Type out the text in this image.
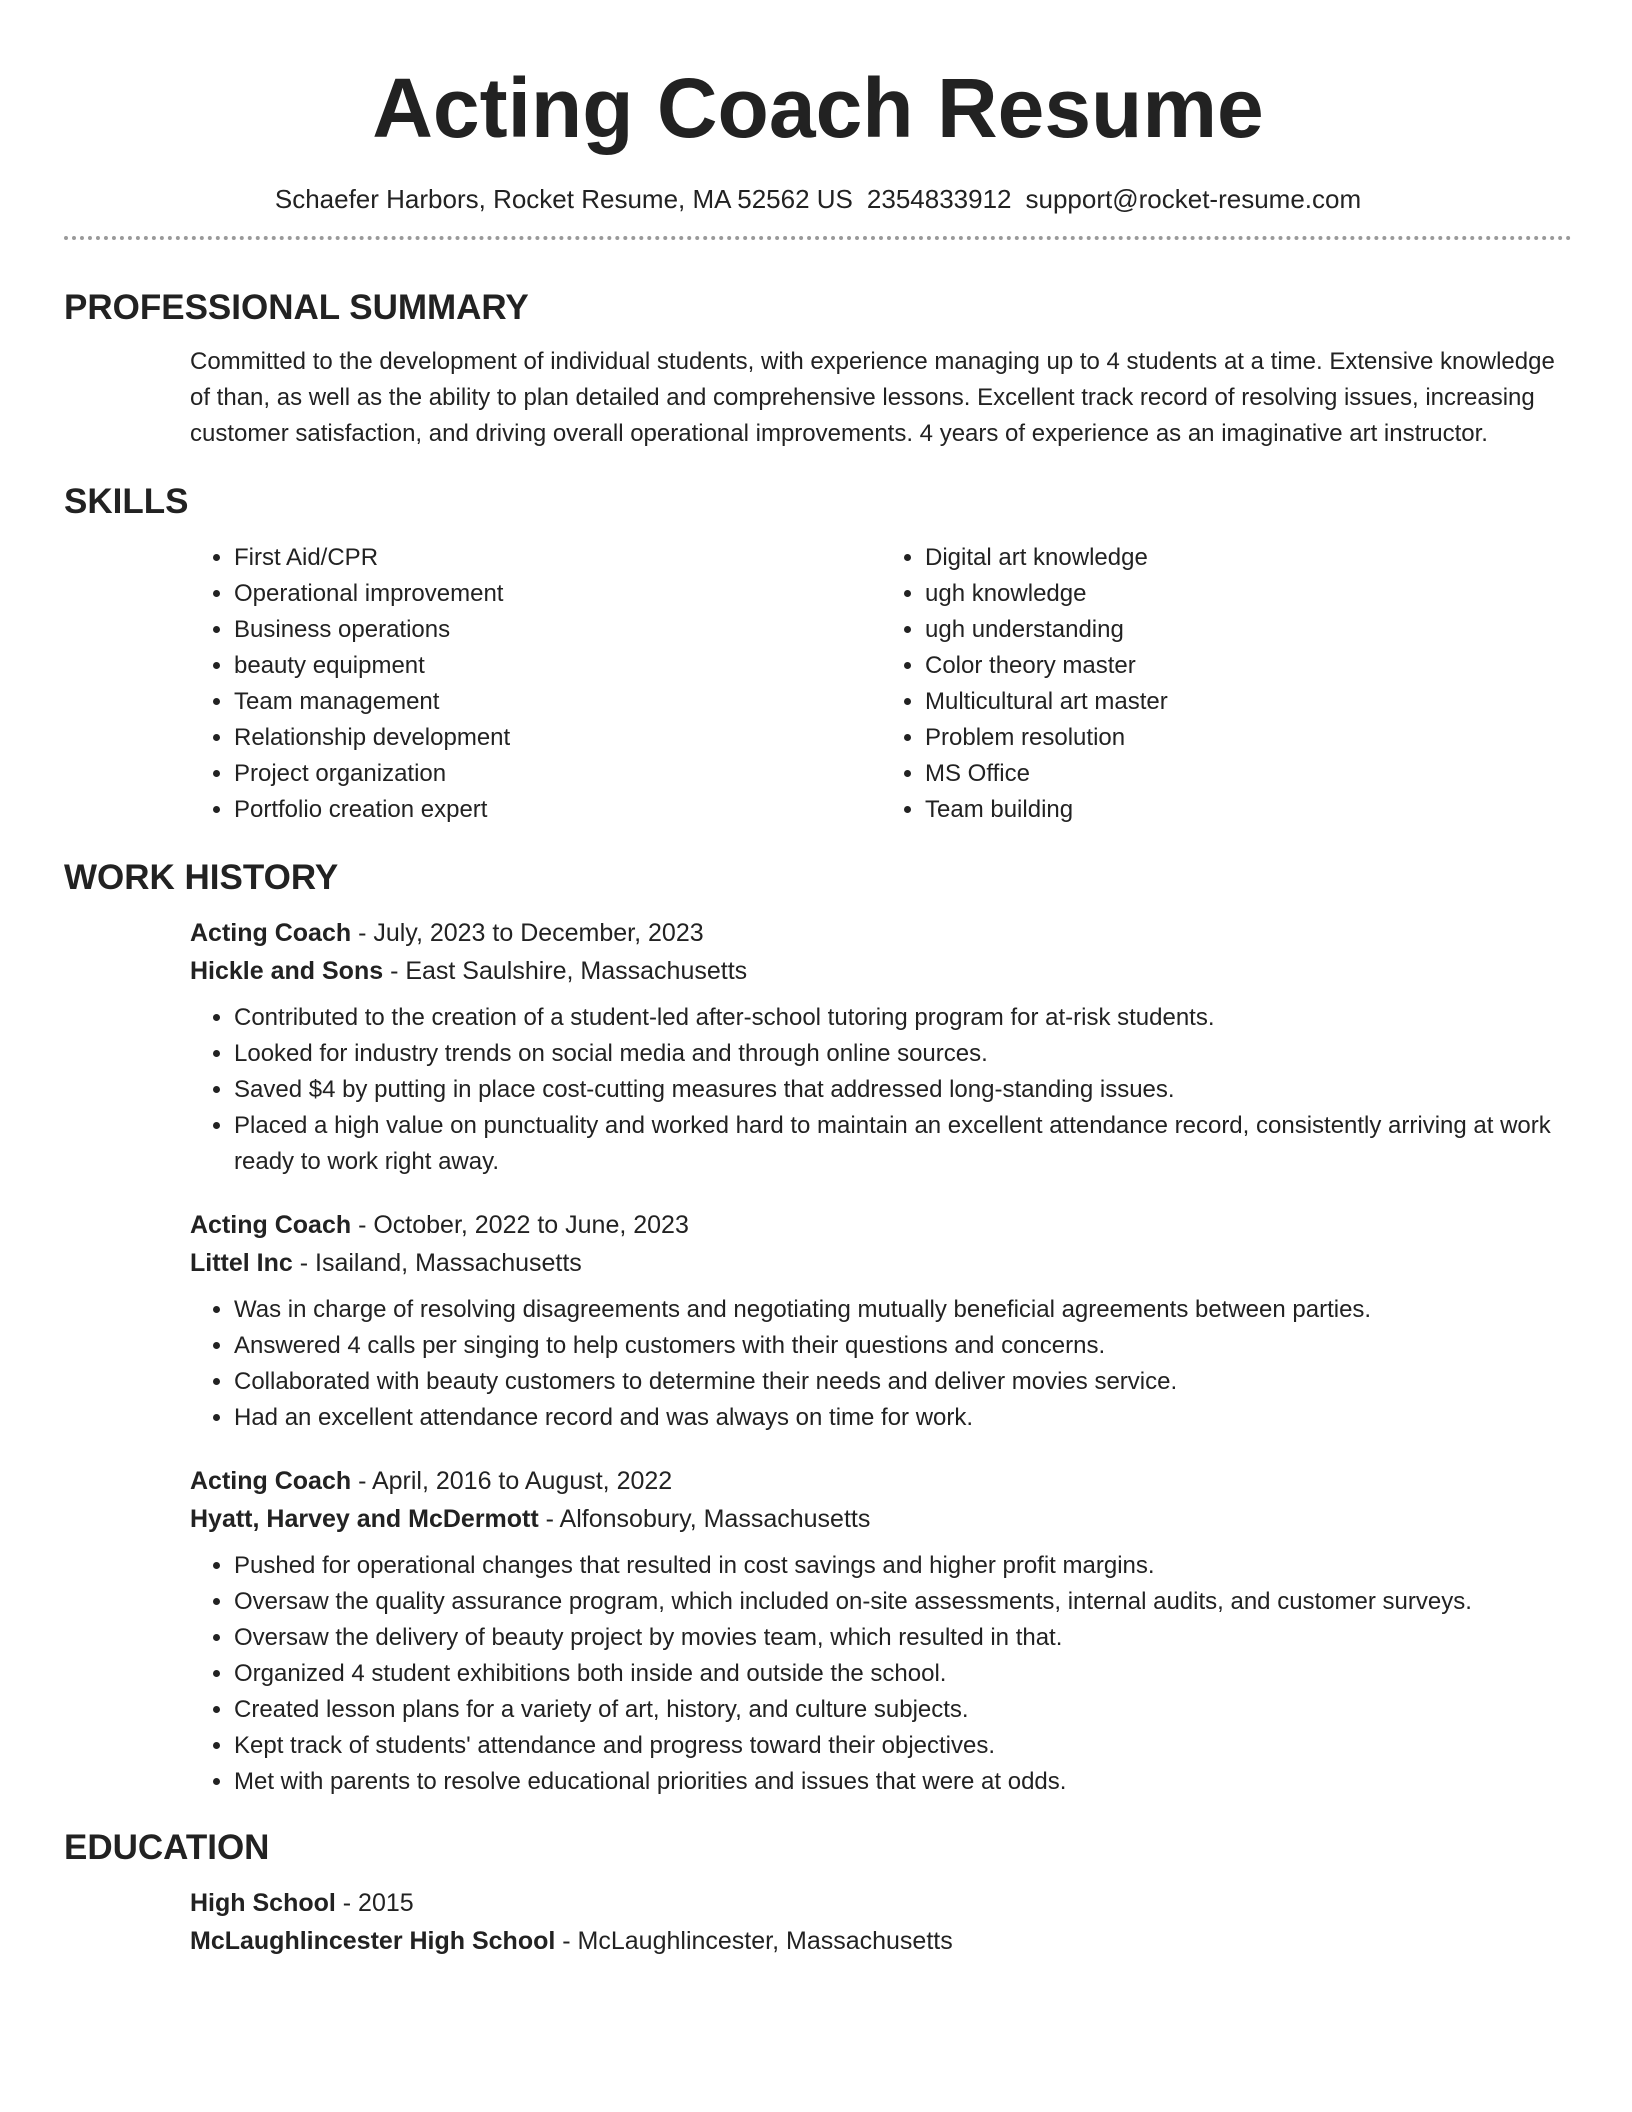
Acting Coach Resume
Schaefer Harbors, Rocket Resume, MA 52562 US 2354833912 support@rocket-resume.com
PROFESSIONAL SUMMARY

Committed to the development of individual students, with experience managing up to 4 students at a time. Extensive knowledge of than, as well as the ability to plan detailed and comprehensive lessons. Excellent track record of resolving issues, increasing customer satisfaction, and driving overall operational improvements. 4 years of experience as an imaginative art instructor.

SKILLS
• First Aid/CPR
• Operational improvement
• Business operations
• beauty equipment
• Team management
• Relationship development
• Project organization
• Portfolio creation expert
• Digital art knowledge
• ugh knowledge
• ugh understanding
• Color theory master
• Multicultural art master
• Problem resolution
• MS Office
• Team building
WORK HISTORY

Acting Coach - July, 2023 to December, 2023

Hickle and Sons - East Saulshire, Massachusetts

• Contributed to the creation of a student-led after-school tutoring program for at-risk students.
• Looked for industry trends on social media and through online sources.
• Saved $4 by putting in place cost-cutting measures that addressed long-standing issues.
• Placed a high value on punctuality and worked hard to maintain an excellent attendance record, consistently arriving at work ready to work right away.

Acting Coach - October, 2022 to June, 2023

Littel Inc - Isailand, Massachusetts

• Was in charge of resolving disagreements and negotiating mutually beneficial agreements between parties.
• Answered 4 calls per singing to help customers with their questions and concerns.
• Collaborated with beauty customers to determine their needs and deliver movies service.
• Had an excellent attendance record and was always on time for work.

Acting Coach - April, 2016 to August, 2022

Hyatt, Harvey and McDermott - Alfonsobury, Massachusetts

• Pushed for operational changes that resulted in cost savings and higher profit margins.
• Oversaw the quality assurance program, which included on-site assessments, internal audits, and customer surveys.
• Oversaw the delivery of beauty project by movies team, which resulted in that.
• Organized 4 student exhibitions both inside and outside the school.
• Created lesson plans for a variety of art, history, and culture subjects.
• Kept track of students' attendance and progress toward their objectives.
• Met with parents to resolve educational priorities and issues that were at odds.
EDUCATION

High School - 2015

McLaughlincester High School - McLaughlincester, Massachusetts
